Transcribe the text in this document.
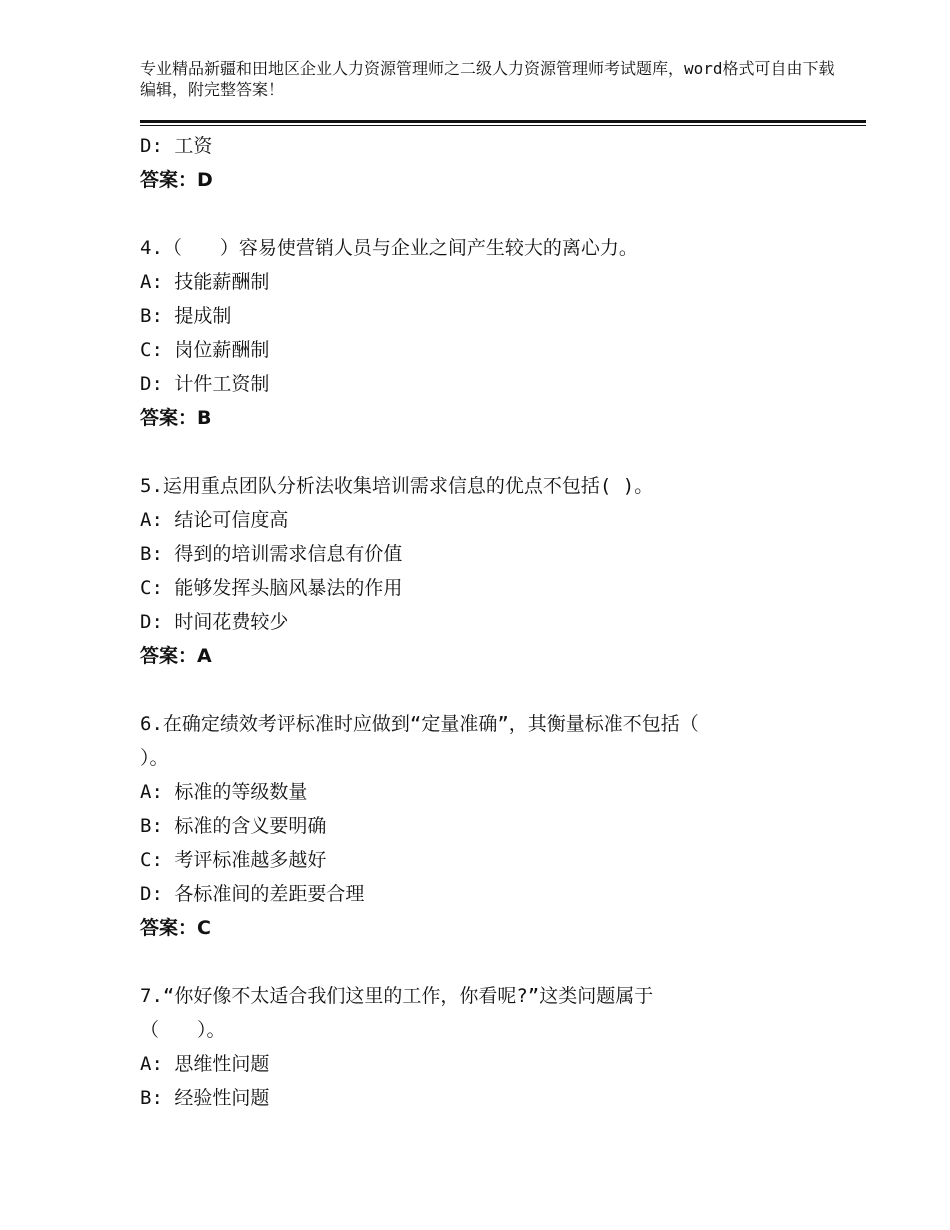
专业精品新疆和田地区企业人力资源管理师之二级人力资源管理师考试题库，word格式可自由下载编辑，附完整答案！
D: 工资
答案：D
4.（　　）容易使营销人员与企业之间产生较大的离心力。
A: 技能薪酬制
B: 提成制
C: 岗位薪酬制
D: 计件工资制
答案：B
5.运用重点团队分析法收集培训需求信息的优点不包括( )。
A: 结论可信度高
B: 得到的培训需求信息有价值
C: 能够发挥头脑风暴法的作用
D: 时间花费较少
答案：A
6.在确定绩效考评标准时应做到“定量准确”，其衡量标准不包括（
）。
A: 标准的等级数量
B: 标准的含义要明确
C: 考评标准越多越好
D: 各标准间的差距要合理
答案：C
7.“你好像不太适合我们这里的工作，你看呢?”这类问题属于
（　　）。
A: 思维性问题
B: 经验性问题
